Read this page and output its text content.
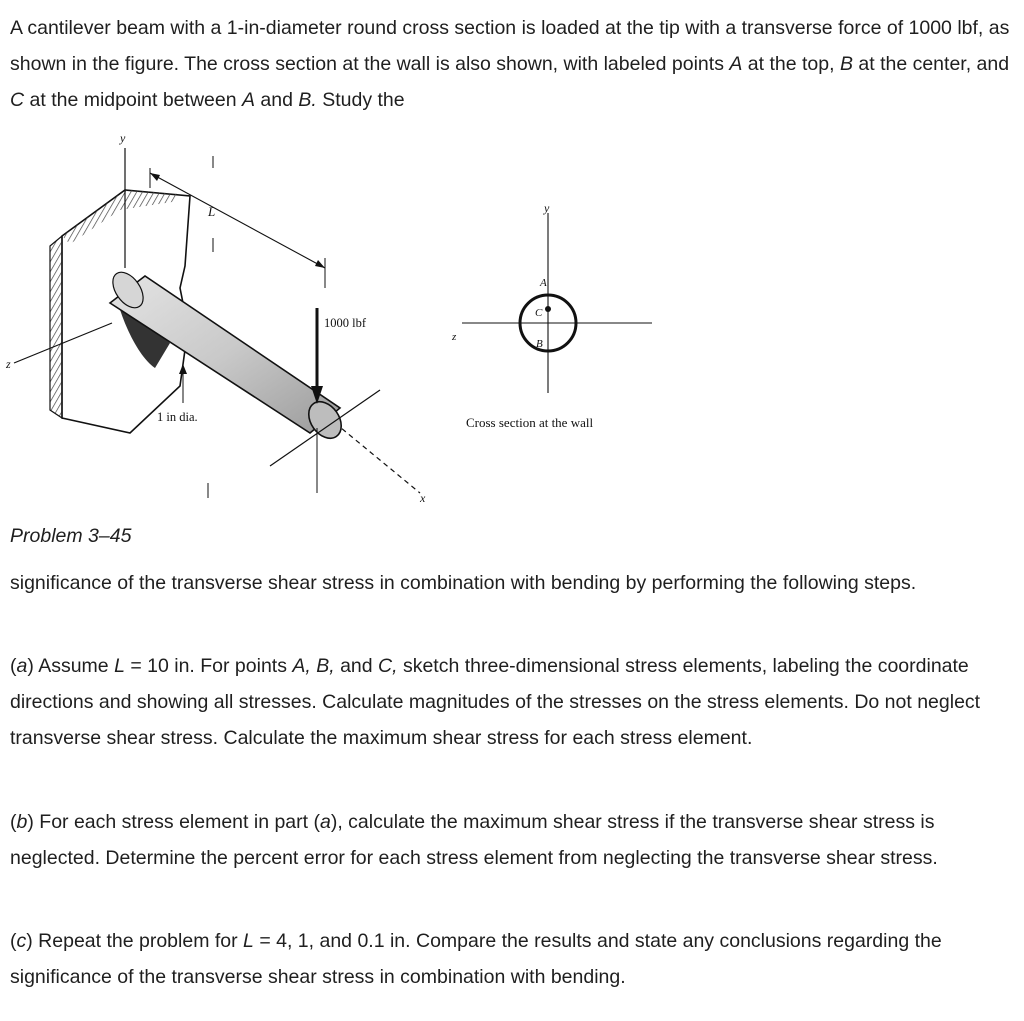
A cantilever beam with a 1-in-diameter round cross section is loaded at the tip with a transverse force of 1000 lbf, as shown in the figure. The cross section at the wall is also shown, with labeled points A at the top, B at the center, and C at the midpoint between A and B. Study the

y
z
x
L
1000 lbf
1 in dia.
y
z
A
C
B
Cross section at the wall

Problem 3–45

significance of the transverse shear stress in combination with bending by performing the following steps.

(a) Assume L = 10 in. For points A, B, and C, sketch three-dimensional stress elements, labeling the coordinate directions and showing all stresses. Calculate magnitudes of the stresses on the stress elements. Do not neglect transverse shear stress. Calculate the maximum shear stress for each stress element.

(b) For each stress element in part (a), calculate the maximum shear stress if the transverse shear stress is neglected. Determine the percent error for each stress element from neglecting the transverse shear stress.

(c) Repeat the problem for L = 4, 1, and 0.1 in. Compare the results and state any conclusions regarding the significance of the transverse shear stress in combination with bending.
